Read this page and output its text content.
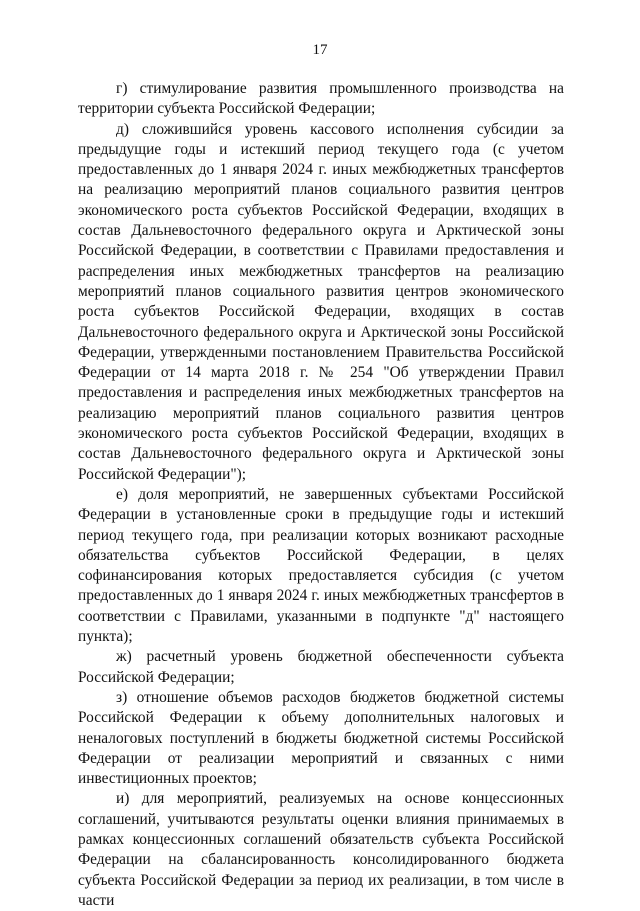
17

г) стимулирование развития промышленного производства на территории субъекта Российской Федерации;

д) сложившийся уровень кассового исполнения субсидии за предыдущие годы и истекший период текущего года (с учетом предоставленных до 1 января 2024 г. иных межбюджетных трансфертов на реализацию мероприятий планов социального развития центров экономического роста субъектов Российской Федерации, входящих в состав Дальневосточного федерального округа и Арктической зоны Российской Федерации, в соответствии с Правилами предоставления и распределения иных межбюджетных трансфертов на реализацию мероприятий планов социального развития центров экономического роста субъектов Российской Федерации, входящих в состав Дальневосточного федерального округа и Арктической зоны Российской Федерации, утвержденными постановлением Правительства Российской Федерации от 14 марта 2018 г. № 254 "Об утверждении Правил предоставления и распределения иных межбюджетных трансфертов на реализацию мероприятий планов социального развития центров экономического роста субъектов Российской Федерации, входящих в состав Дальневосточного федерального округа и Арктической зоны Российской Федерации");

е) доля мероприятий, не завершенных субъектами Российской Федерации в установленные сроки в предыдущие годы и истекший период текущего года, при реализации которых возникают расходные обязательства субъектов Российской Федерации, в целях софинансирования которых предоставляется субсидия (с учетом предоставленных до 1 января 2024 г. иных межбюджетных трансфертов в соответствии с Правилами, указанными в подпункте "д" настоящего пункта);

ж) расчетный уровень бюджетной обеспеченности субъекта Российской Федерации;

з) отношение объемов расходов бюджетов бюджетной системы Российской Федерации к объему дополнительных налоговых и неналоговых поступлений в бюджеты бюджетной системы Российской Федерации от реализации мероприятий и связанных с ними инвестиционных проектов;

и) для мероприятий, реализуемых на основе концессионных соглашений, учитываются результаты оценки влияния принимаемых в рамках концессионных соглашений обязательств субъекта Российской Федерации на сбалансированность консолидированного бюджета субъекта Российской Федерации за период их реализации, в том числе в части
